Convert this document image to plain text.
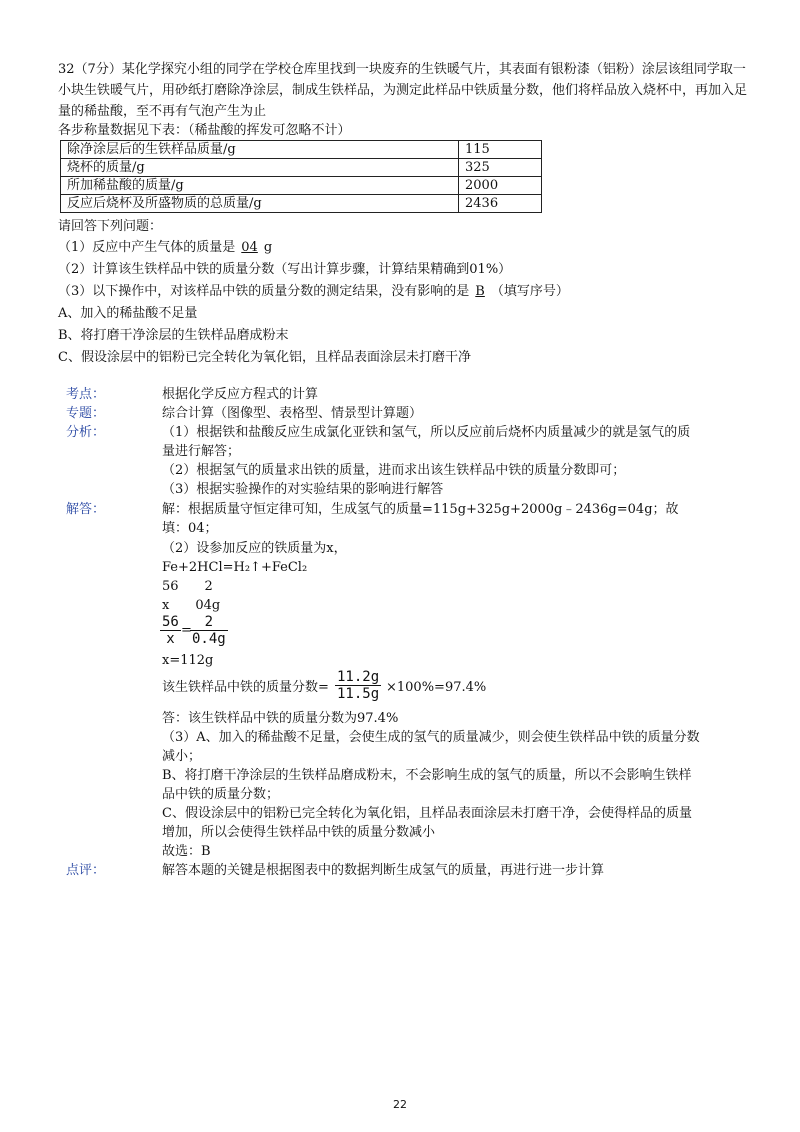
32（7分）某化学探究小组的同学在学校仓库里找到一块废弃的生铁暖气片，其表面有银粉漆（铝粉）涂层该组同学取一小块生铁暖气片，用砂纸打磨除净涂层，制成生铁样品，为测定此样品中铁质量分数，他们将样品放入烧杯中，再加入足量的稀盐酸，至不再有气泡产生为止

各步称量数据见下表：（稀盐酸的挥发可忽略不计）
除净涂层后的生铁样品质量/g	115
烧杯的质量/g	325
所加稀盐酸的质量/g	2000
反应后烧杯及所盛物质的总质量/g	2436
请回答下列问题：
（1）反应中产生气体的质量是 04 g
（2）计算该生铁样品中铁的质量分数（写出计算步骤，计算结果精确到01%）
（3）以下操作中，对该样品中铁的质量分数的测定结果，没有影响的是 B （填写序号）
A、加入的稀盐酸不足量
B、将打磨干净涂层的生铁样品磨成粉末
C、假设涂层中的铝粉已完全转化为氧化铝，且样品表面涂层未打磨干净
考点：	根据化学反应方程式的计算
专题：	综合计算（图像型、表格型、情景型计算题）
分析：	（1）根据铁和盐酸反应生成氯化亚铁和氢气，所以反应前后烧杯内质量减少的就是氢气的质量进行解答；

（2）根据氢气的质量求出铁的质量，进而求出该生铁样品中铁的质量分数即可；
（3）根据实验操作的对实验结果的影响进行解答
解答：	解：根据质量守恒定律可知，生成氢气的质量=115g+325g+2000g﹣2436g=04g；故填：04；

（2）设参加反应的铁质量为x，
Fe+2HCl=H₂↑+FeCl₂
56　　2
x　　04g
56
x
=
2
0.4g
x=112g
该生铁样品中铁的质量分数=
11.2g
11.5g ×100%=97.4%
答：该生铁样品中铁的质量分数为97.4%

（3）A、加入的稀盐酸不足量，会使生成的氢气的质量减少，则会使生铁样品中铁的质量分数减小；

B、将打磨干净涂层的生铁样品磨成粉末，不会影响生成的氢气的质量，所以不会影响生铁样品中铁的质量分数；

C、假设涂层中的铝粉已完全转化为氧化铝，且样品表面涂层未打磨干净，会使得样品的质量增加，所以会使得生铁样品中铁的质量分数减小

故选：B
点评：	解答本题的关键是根据图表中的数据判断生成氢气的质量，再进行进一步计算
22
